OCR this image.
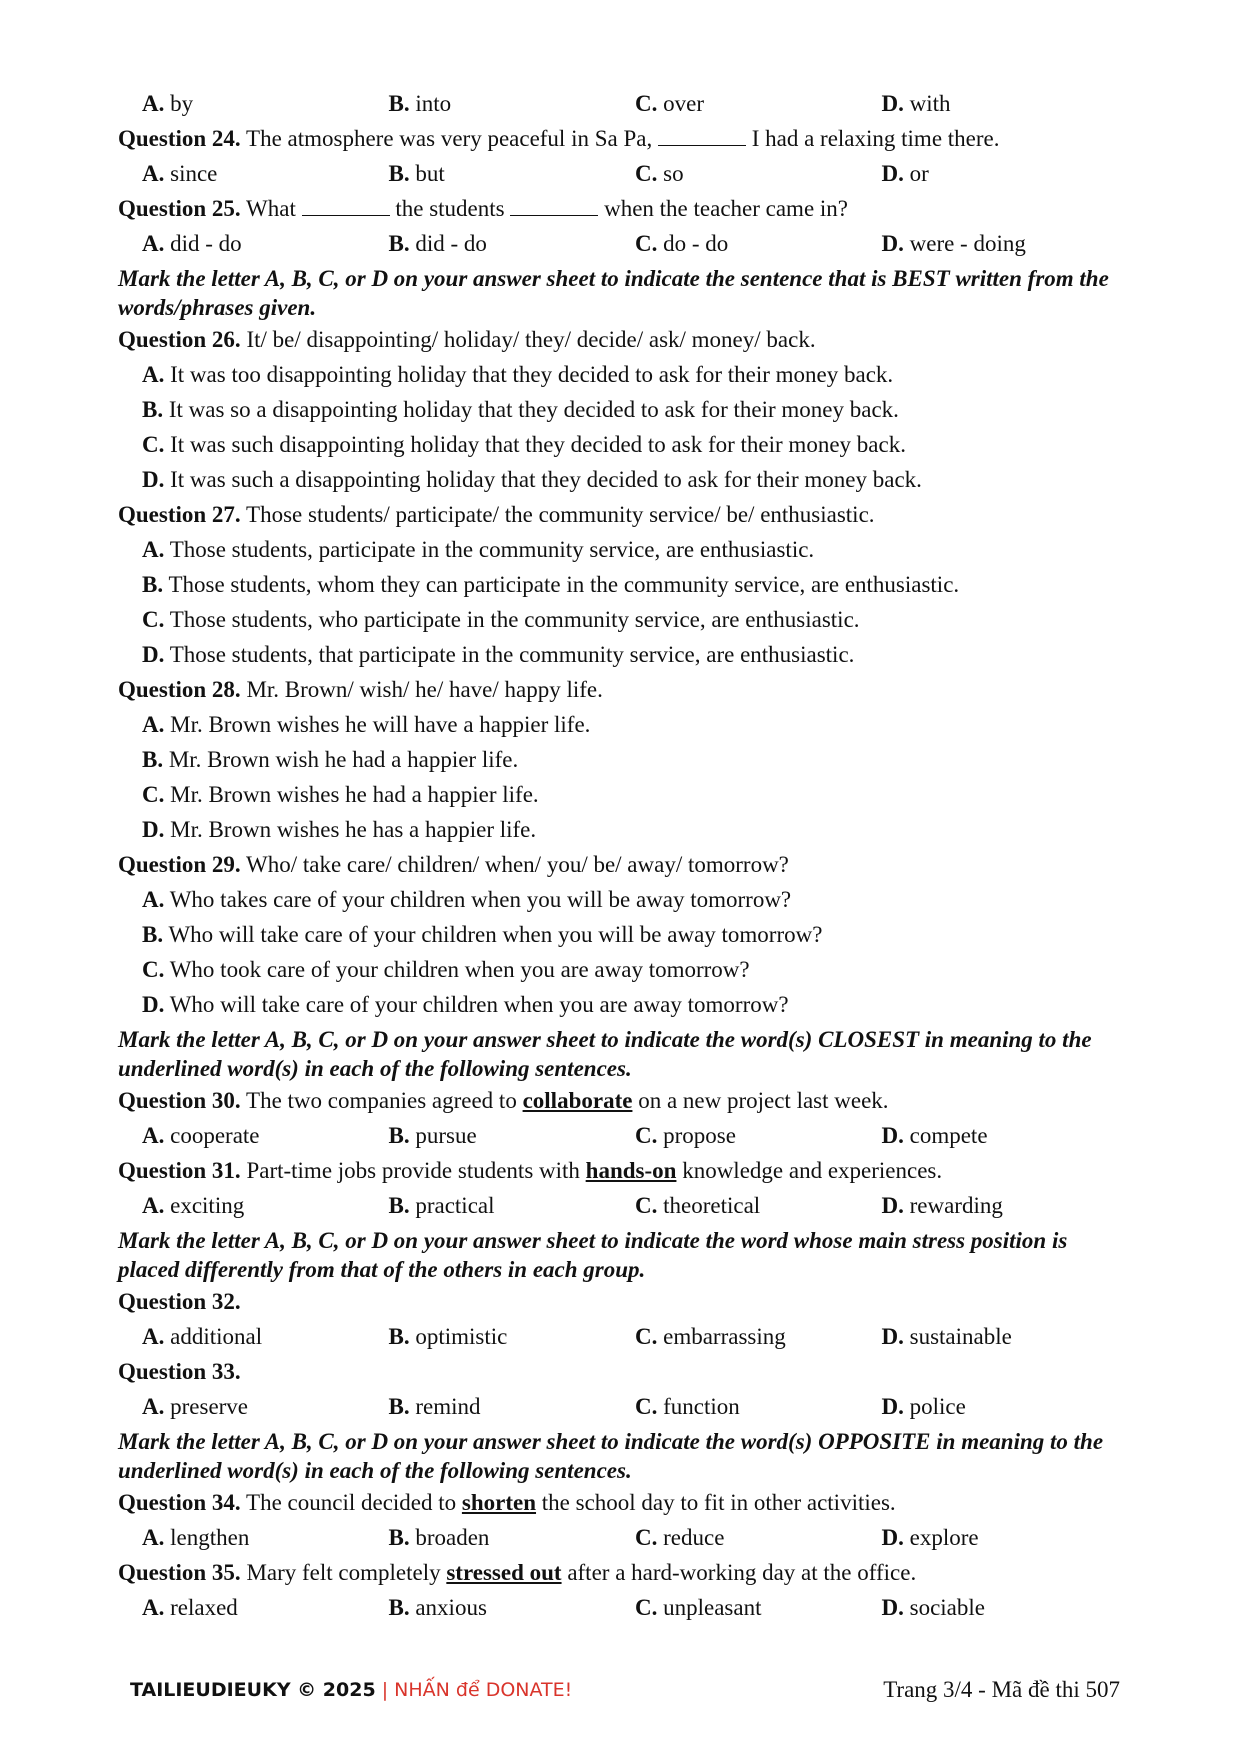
A. by	B. into	C. over	D. with
Question 24. The atmosphere was very peaceful in Sa Pa,	I had a relaxing time there.
A. since	B. but	C. so	D. or
Question 25. What	the students	when the teacher came in?
A. did - do	B. did - do	C. do - do	D. were - doing
Mark the letter A, B, C, or D on your answer sheet to indicate the sentence that is BEST written from the words/phrases given.
Question 26. It/ be/ disappointing/ holiday/ they/ decide/ ask/ money/ back.
A. It was too disappointing holiday that they decided to ask for their money back.
B. It was so a disappointing holiday that they decided to ask for their money back.
C. It was such disappointing holiday that they decided to ask for their money back.
D. It was such a disappointing holiday that they decided to ask for their money back.
Question 27. Those students/ participate/ the community service/ be/ enthusiastic.
A. Those students, participate in the community service, are enthusiastic.
B. Those students, whom they can participate in the community service, are enthusiastic.
C. Those students, who participate in the community service, are enthusiastic.
D. Those students, that participate in the community service, are enthusiastic.
Question 28. Mr. Brown/ wish/ he/ have/ happy life.
A. Mr. Brown wishes he will have a happier life.
B. Mr. Brown wish he had a happier life.
C. Mr. Brown wishes he had a happier life.
D. Mr. Brown wishes he has a happier life.
Question 29. Who/ take care/ children/ when/ you/ be/ away/ tomorrow?
A. Who takes care of your children when you will be away tomorrow?
B. Who will take care of your children when you will be away tomorrow?
C. Who took care of your children when you are away tomorrow?
D. Who will take care of your children when you are away tomorrow?
Mark the letter A, B, C, or D on your answer sheet to indicate the word(s) CLOSEST in meaning to the underlined word(s) in each of the following sentences.
Question 30. The two companies agreed to collaborate on a new project last week.
A. cooperate	B. pursue	C. propose	D. compete
Question 31. Part-time jobs provide students with hands-on knowledge and experiences.
A. exciting	B. practical	C. theoretical	D. rewarding
Mark the letter A, B, C, or D on your answer sheet to indicate the word whose main stress position is placed differently from that of the others in each group.
Question 32.
A. additional	B. optimistic	C. embarrassing	D. sustainable
Question 33.
A. preserve	B. remind	C. function	D. police
Mark the letter A, B, C, or D on your answer sheet to indicate the word(s) OPPOSITE in meaning to the underlined word(s) in each of the following sentences.
Question 34. The council decided to shorten the school day to fit in other activities.
A. lengthen	B. broaden	C. reduce	D. explore
Question 35. Mary felt completely stressed out after a hard-working day at the office.
A. relaxed	B. anxious	C. unpleasant	D. sociable
TAILIEUDIEUKY © 2025 | NHẤN để DONATE!	Trang 3/4 - Mã đề thi 507
